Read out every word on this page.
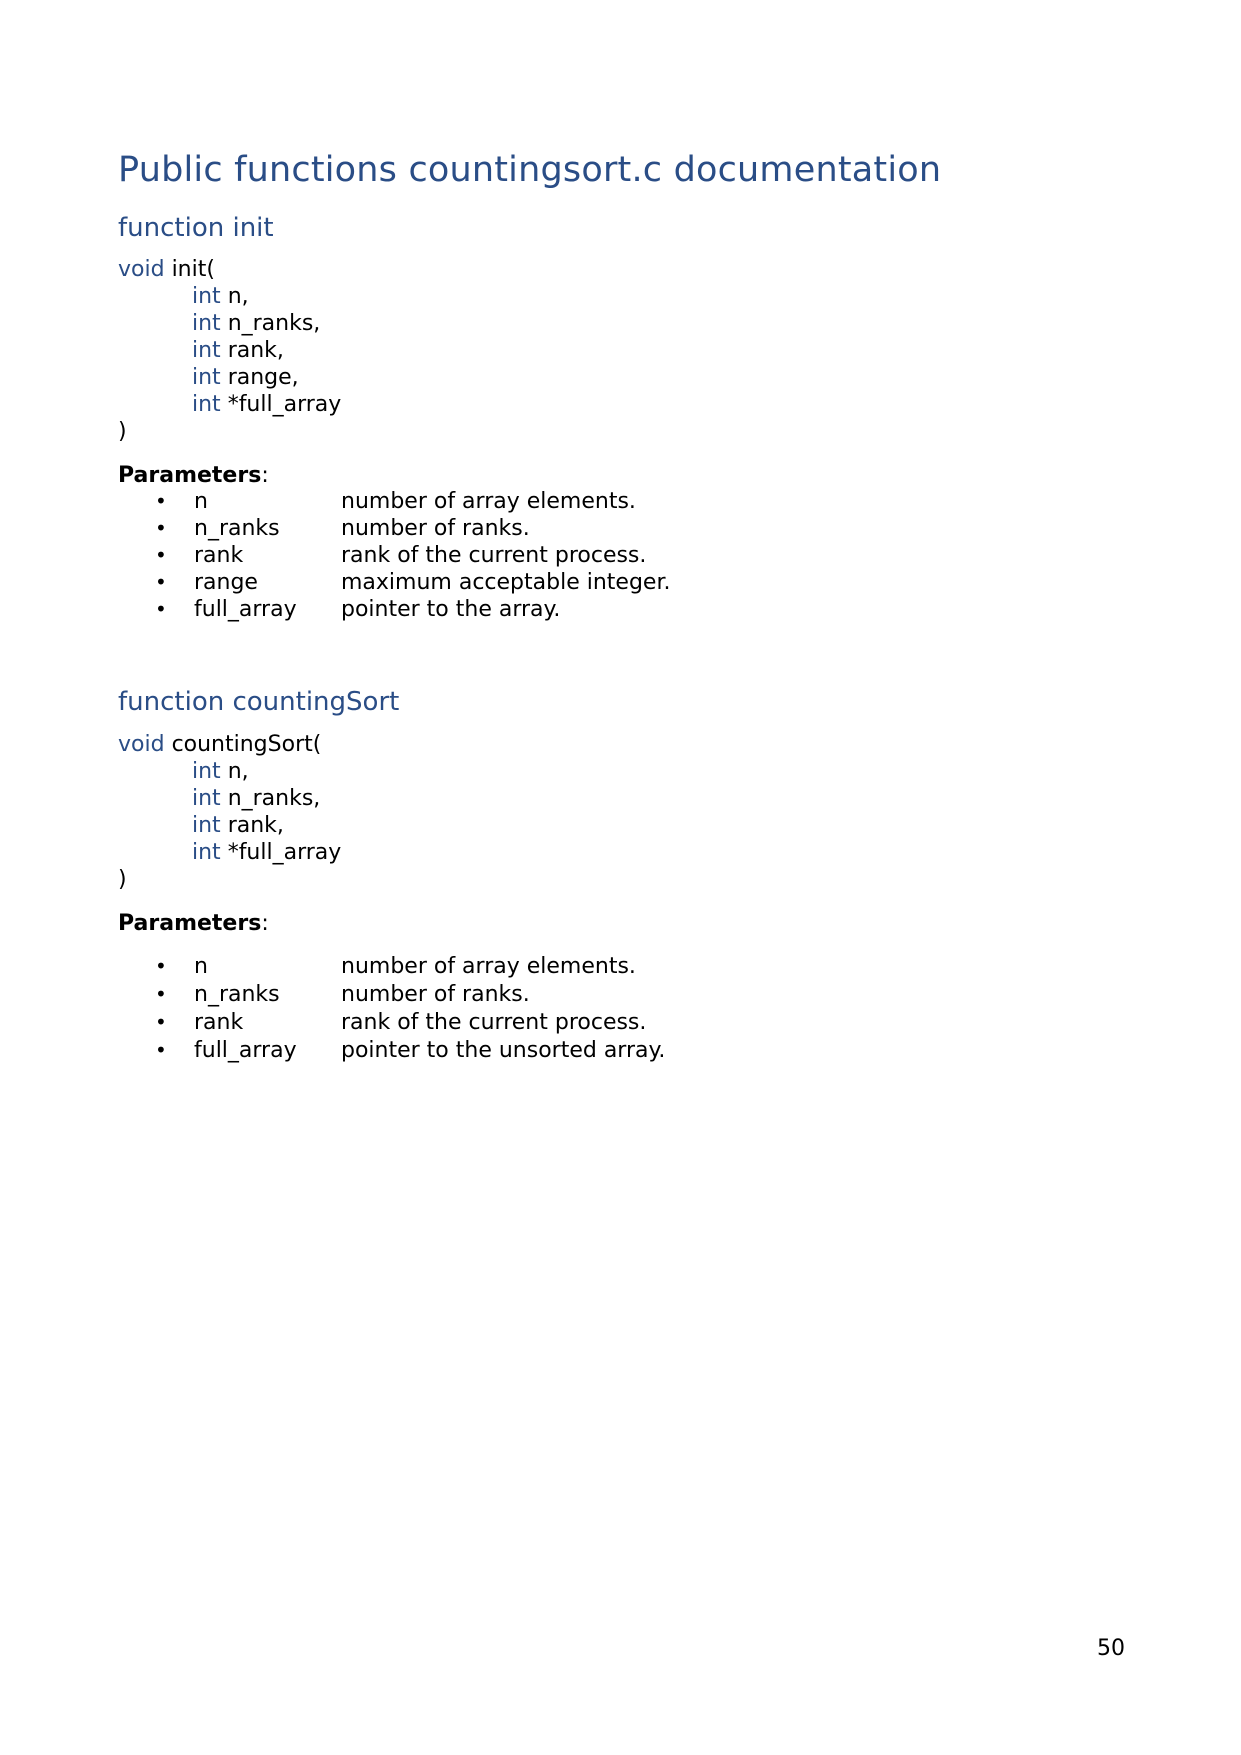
Public functions countingsort.c documentation
function init
void init(
int n,
int n_ranks,
int rank,
int range,
int *full_array
)
Parameters:
• n	number of array elements.
• n_ranks	number of ranks.
• rank	rank of the current process.
• range	maximum acceptable integer.
• full_array pointer to the array.
function countingSort
void countingSort(
int n,
int n_ranks,
int rank,
int *full_array
)
Parameters:
• n	number of array elements.
• n_ranks	number of ranks.
• rank	rank of the current process.
• full_array pointer to the unsorted array.
50
